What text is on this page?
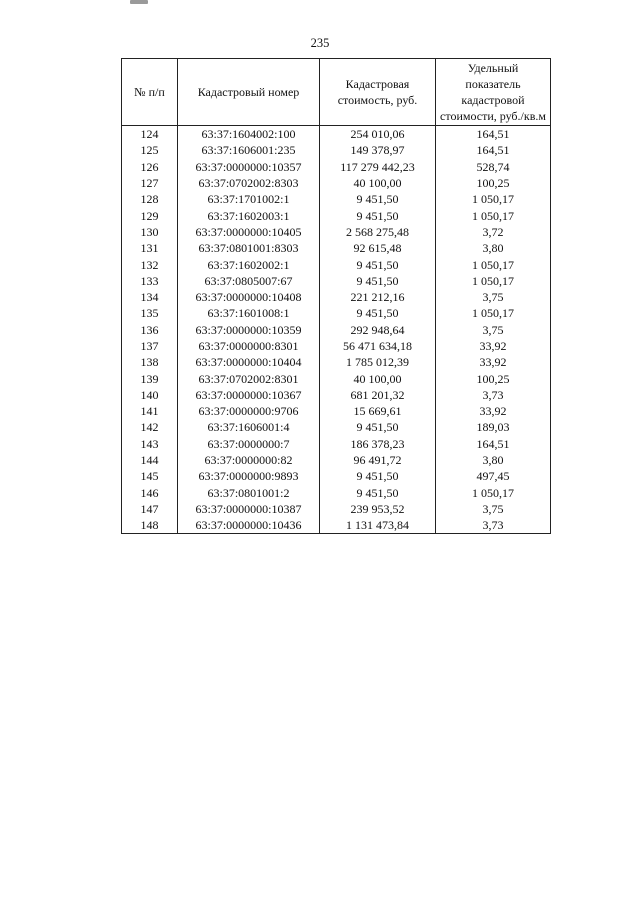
235
№ п/п	Кадастровый номер	Кадастровая стоимость, руб.	Удельный показатель кадастровой стоимости, руб./кв.м
124	63:37:1604002:100	254 010,06	164,51
125	63:37:1606001:235	149 378,97	164,51
126	63:37:0000000:10357	117 279 442,23	528,74
127	63:37:0702002:8303	40 100,00	100,25
128	63:37:1701002:1	9 451,50	1 050,17
129	63:37:1602003:1	9 451,50	1 050,17
130	63:37:0000000:10405	2 568 275,48	3,72
131	63:37:0801001:8303	92 615,48	3,80
132	63:37:1602002:1	9 451,50	1 050,17
133	63:37:0805007:67	9 451,50	1 050,17
134	63:37:0000000:10408	221 212,16	3,75
135	63:37:1601008:1	9 451,50	1 050,17
136	63:37:0000000:10359	292 948,64	3,75
137	63:37:0000000:8301	56 471 634,18	33,92
138	63:37:0000000:10404	1 785 012,39	33,92
139	63:37:0702002:8301	40 100,00	100,25
140	63:37:0000000:10367	681 201,32	3,73
141	63:37:0000000:9706	15 669,61	33,92
142	63:37:1606001:4	9 451,50	189,03
143	63:37:0000000:7	186 378,23	164,51
144	63:37:0000000:82	96 491,72	3,80
145	63:37:0000000:9893	9 451,50	497,45
146	63:37:0801001:2	9 451,50	1 050,17
147	63:37:0000000:10387	239 953,52	3,75
148	63:37:0000000:10436	1 131 473,84	3,73
